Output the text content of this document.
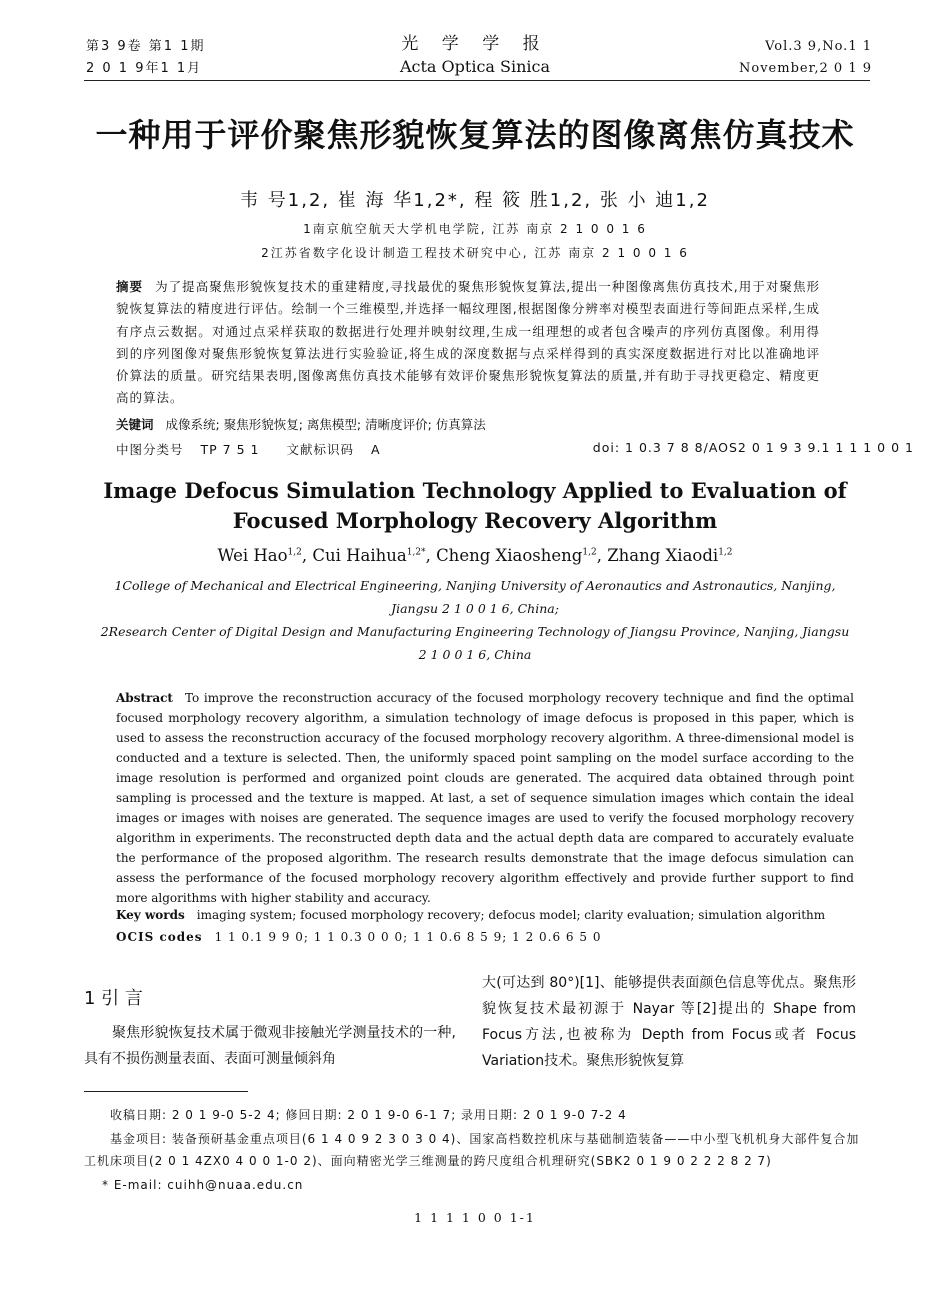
第3 9卷 第1 1期
2 0 1 9年1 1月
光 学 学 报
Acta Optica Sinica
Vol.3 9,No.1 1
November,2 0 1 9
一种用于评价聚焦形貌恢复算法的图像离焦仿真技术
韦 号1,2, 崔 海 华1,2*, 程 筱 胜1,2, 张 小 迪1,2
1南京航空航天大学机电学院, 江苏 南京 2 1 0 0 1 6
2江苏省数字化设计制造工程技术研究中心, 江苏 南京 2 1 0 0 1 6
摘要 为了提高聚焦形貌恢复技术的重建精度,寻找最优的聚焦形貌恢复算法,提出一种图像离焦仿真技术,用于对聚焦形貌恢复算法的精度进行评估。绘制一个三维模型,并选择一幅纹理图,根据图像分辨率对模型表面进行等间距点采样,生成有序点云数据。对通过点采样获取的数据进行处理并映射纹理,生成一组理想的或者包含噪声的序列仿真图像。利用得到的序列图像对聚焦形貌恢复算法进行实验验证,将生成的深度数据与点采样得到的真实深度数据进行对比以准确地评价算法的质量。研究结果表明,图像离焦仿真技术能够有效评价聚焦形貌恢复算法的质量,并有助于寻找更稳定、精度更高的算法。
关键词 成像系统; 聚焦形貌恢复; 离焦模型; 清晰度评价; 仿真算法
中图分类号 TP 7 5 1 文献标识码 A	doi: 1 0.3 7 8 8/AOS2 0 1 9 3 9.1 1 1 1 0 0 1
Image Defocus Simulation Technology Applied to Evaluation of
Focused Morphology Recovery Algorithm
Wei Hao$^{1,2}$, Cui Haihua$^{1,2*}$, Cheng Xiaosheng$^{1,2}$, Zhang Xiaodi$^{1,2}$
1College of Mechanical and Electrical Engineering, Nanjing University of Aeronautics and Astronautics, Nanjing, Jiangsu 2 1 0 0 1 6, China;
2Research Center of Digital Design and Manufacturing Engineering Technology of Jiangsu Province, Nanjing, Jiangsu 2 1 0 0 1 6, China
Abstract To improve the reconstruction accuracy of the focused morphology recovery technique and find the optimal focused morphology recovery algorithm, a simulation technology of image defocus is proposed in this paper, which is used to assess the reconstruction accuracy of the focused morphology recovery algorithm. A three-dimensional model is conducted and a texture is selected. Then, the uniformly spaced point sampling on the model surface according to the image resolution is performed and organized point clouds are generated. The acquired data obtained through point sampling is processed and the texture is mapped. At last, a set of sequence simulation images which contain the ideal images or images with noises are generated. The sequence images are used to verify the focused morphology recovery algorithm in experiments. The reconstructed depth data and the actual depth data are compared to accurately evaluate the performance of the proposed algorithm. The research results demonstrate that the image defocus simulation can assess the performance of the focused morphology recovery algorithm effectively and provide further support to find more algorithms with higher stability and accuracy.
Key words imaging system; focused morphology recovery; defocus model; clarity evaluation; simulation algorithm
OCIS codes 1 1 0.1 9 9 0; 1 1 0.3 0 0 0; 1 1 0.6 8 5 9; 1 2 0.6 6 5 0
1 引 言
聚焦形貌恢复技术属于微观非接触光学测量技术的一种,具有不损伤测量表面、表面可测量倾斜角
大(可达到 80°)[1]、能够提供表面颜色信息等优点。聚焦形貌恢复技术最初源于 Nayar 等[2]提出的 Shape from Focus方法,也被称为 Depth from Focus或者 Focus Variation技术。聚焦形貌恢复算
收稿日期: 2 0 1 9-0 5-2 4; 修回日期: 2 0 1 9-0 6-1 7; 录用日期: 2 0 1 9-0 7-2 4
基金项目: 装备预研基金重点项目(6 1 4 0 9 2 3 0 3 0 4)、国家高档数控机床与基础制造装备——中小型飞机机身大部件复合加工机床项目(2 0 1 4ZX0 4 0 0 1-0 2)、面向精密光学三维测量的跨尺度组合机理研究(SBK2 0 1 9 0 2 2 2 8 2 7)
* E-mail: cuihh@nuaa.edu.cn
1 1 1 1 0 0 1-1
